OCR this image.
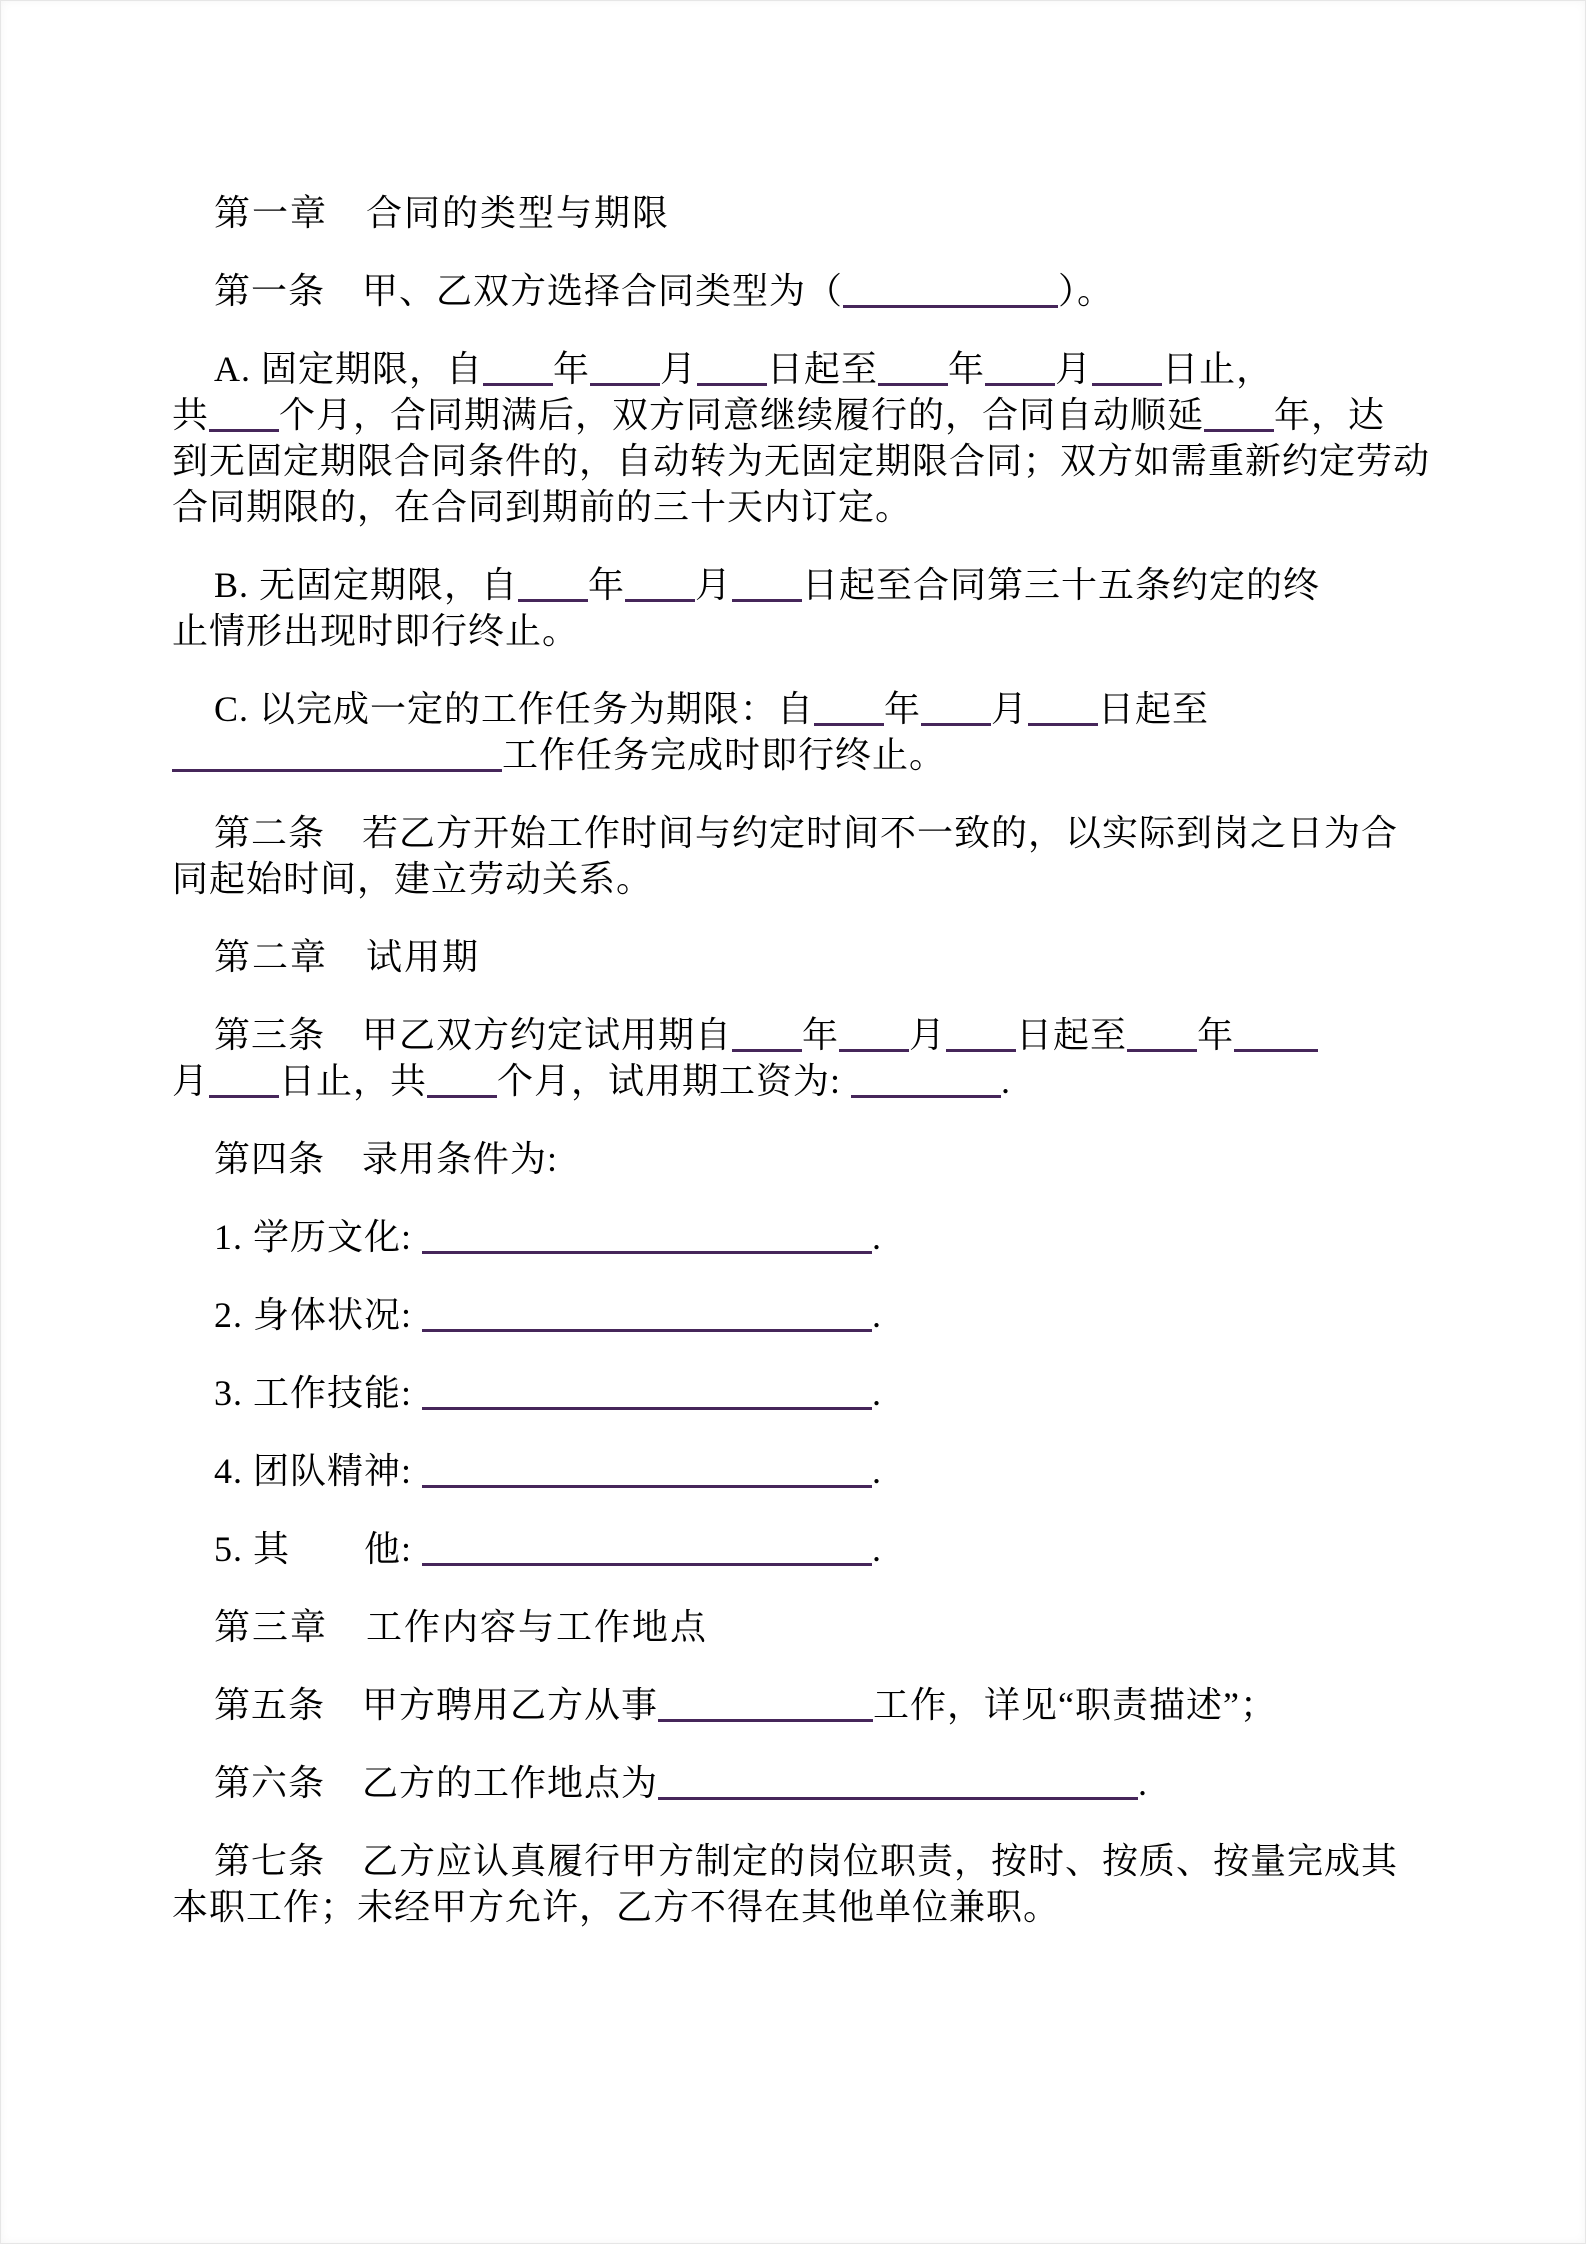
第一章　合同的类型与期限
第一条　甲、乙双方选择合同类型为（	）。
A. 固定期限，自 年 月 日起至 年 月 日止，
共 个月，合同期满后，双方同意继续履行的，合同自动顺延 年，达
到无固定期限合同条件的，自动转为无固定期限合同；双方如需重新约定劳动
合同期限的，在合同到期前的三十天内订定。
B. 无固定期限，自 年 月 日起至合同第三十五条约定的终
止情形出现时即行终止。
C. 以完成一定的工作任务为期限：自 年 月 日起至
工作任务完成时即行终止。
第二条　若乙方开始工作时间与约定时间不一致的，以实际到岗之日为合
同起始时间，建立劳动关系。
第二章　试用期
第三条　甲乙双方约定试用期自 年 月 日起至 年
月 日止，共 个月，试用期工资为:	.
第四条　录用条件为:
1. 学历文化:	.
2. 身体状况:	.
3. 工作技能:	.
4. 团队精神:	.
5. 其　　他:	.
第三章　工作内容与工作地点
第五条　甲方聘用乙方从事	工作，详见“职责描述”；
第六条　乙方的工作地点为	.
第七条　乙方应认真履行甲方制定的岗位职责，按时、按质、按量完成其
本职工作；未经甲方允许，乙方不得在其他单位兼职。
